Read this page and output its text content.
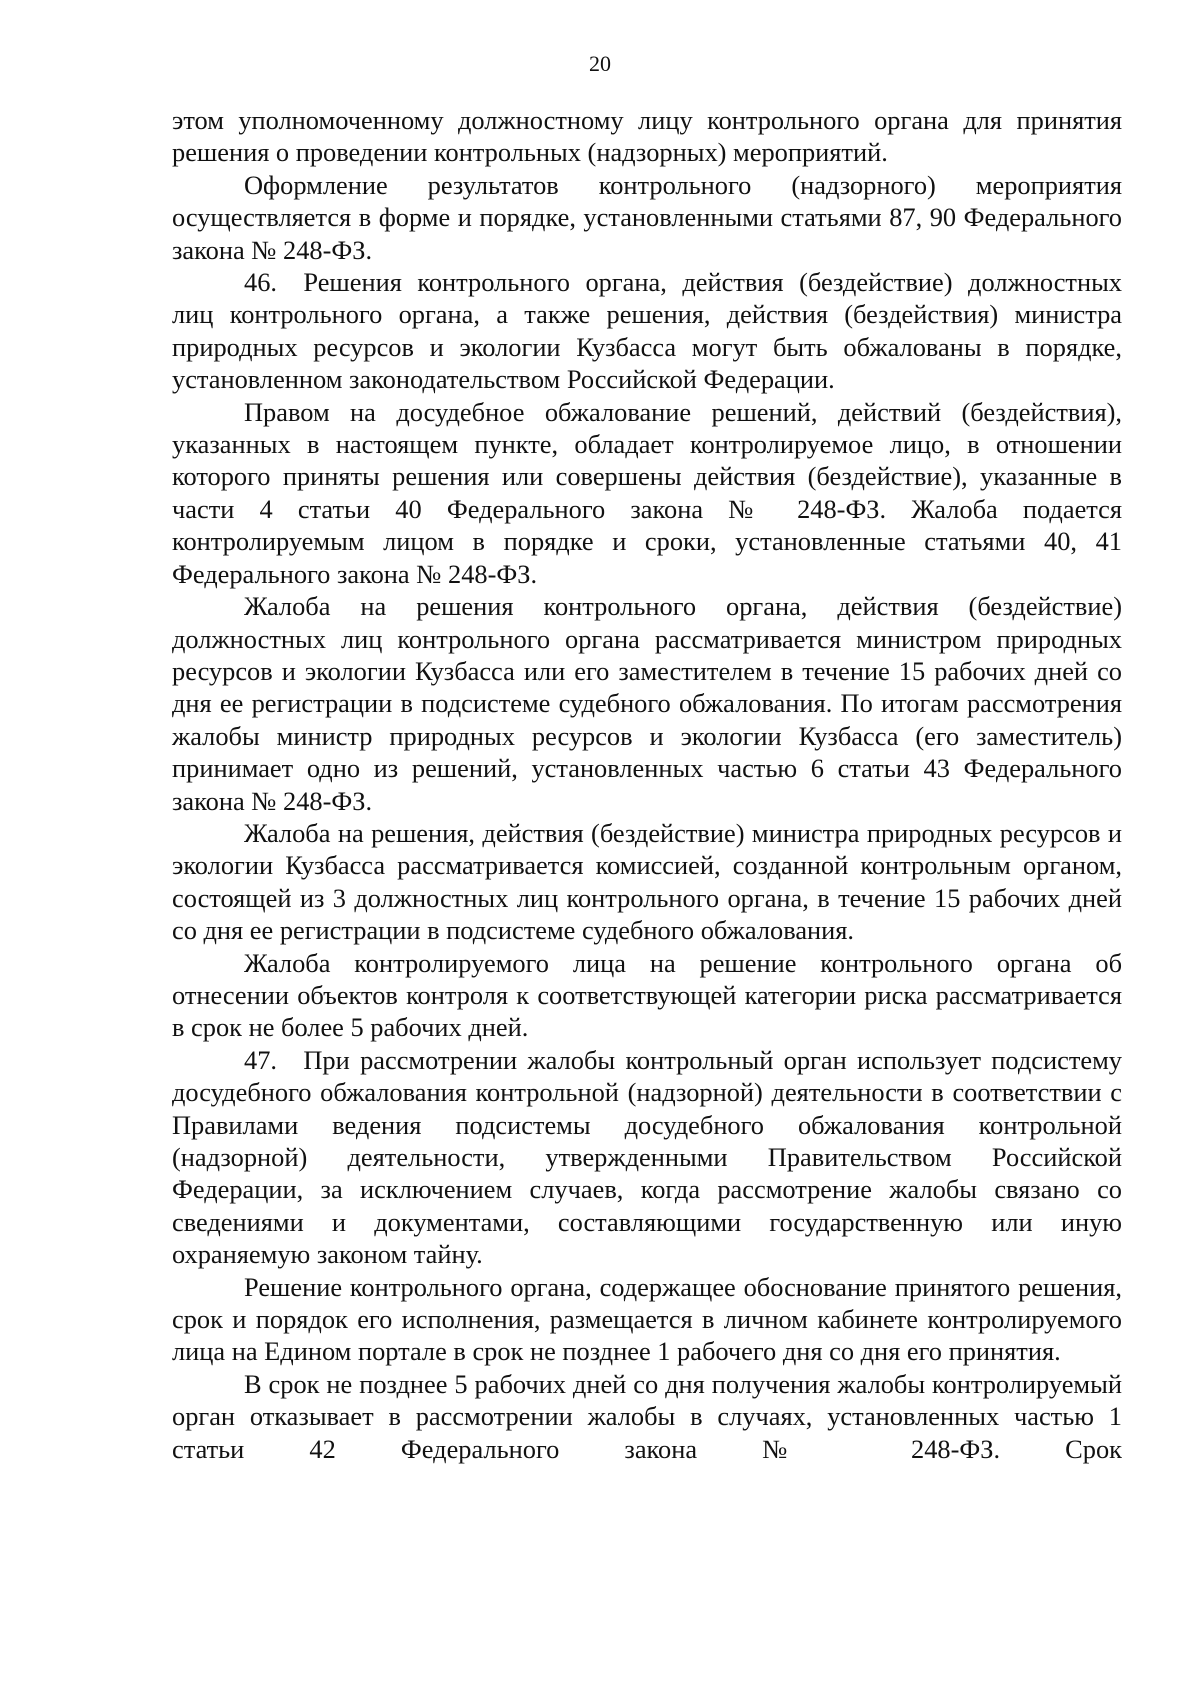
20

этом уполномоченному должностному лицу контрольного органа для принятия решения о проведении контрольных (надзорных) мероприятий.

Оформление результатов контрольного (надзорного) мероприятия осуществляется в форме и порядке, установленными статьями 87, 90 Федерального закона № 248-ФЗ.

46. Решения контрольного органа, действия (бездействие) должностных лиц контрольного органа, а также решения, действия (бездействия) министра природных ресурсов и экологии Кузбасса могут быть обжалованы в порядке, установленном законодательством Российской Федерации.

Правом на досудебное обжалование решений, действий (бездействия), указанных в настоящем пункте, обладает контролируемое лицо, в отношении которого приняты решения или совершены действия (бездействие), указанные в части 4 статьи 40 Федерального закона № 248-ФЗ. Жалоба подается контролируемым лицом в порядке и сроки, установленные статьями 40, 41 Федерального закона № 248-ФЗ.

Жалоба на решения контрольного органа, действия (бездействие) должностных лиц контрольного органа рассматривается министром природных ресурсов и экологии Кузбасса или его заместителем в течение 15 рабочих дней со дня ее регистрации в подсистеме судебного обжалования. По итогам рассмотрения жалобы министр природных ресурсов и экологии Кузбасса (его заместитель) принимает одно из решений, установленных частью 6 статьи 43 Федерального закона № 248-ФЗ.

Жалоба на решения, действия (бездействие) министра природных ресурсов и экологии Кузбасса рассматривается комиссией, созданной контрольным органом, состоящей из 3 должностных лиц контрольного органа, в течение 15 рабочих дней со дня ее регистрации в подсистеме судебного обжалования.

Жалоба контролируемого лица на решение контрольного органа об отнесении объектов контроля к соответствующей категории риска рассматривается в срок не более 5 рабочих дней.

47. При рассмотрении жалобы контрольный орган использует подсистему досудебного обжалования контрольной (надзорной) деятельности в соответствии с Правилами ведения подсистемы досудебного обжалования контрольной (надзорной) деятельности, утвержденными Правительством Российской Федерации, за исключением случаев, когда рассмотрение жалобы связано со сведениями и документами, составляющими государственную или иную охраняемую законом тайну.

Решение контрольного органа, содержащее обоснование принятого решения, срок и порядок его исполнения, размещается в личном кабинете контролируемого лица на Едином портале в срок не позднее 1 рабочего дня со дня его принятия.

В срок не позднее 5 рабочих дней со дня получения жалобы контролируемый орган отказывает в рассмотрении жалобы в случаях, установленных частью 1 статьи 42 Федерального закона № 248-ФЗ. Срок
